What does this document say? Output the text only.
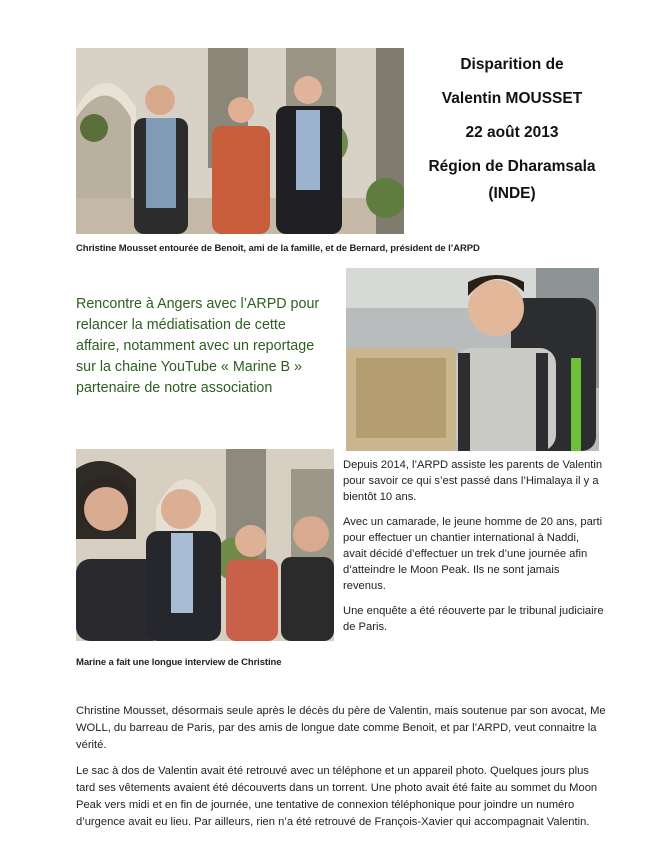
Disparition de
Valentin MOUSSET
22 août 2013
Région de Dharamsala
(INDE)
Christine Mousset entourée de Benoît, ami de la famille, et de Bernard, président de l’ARPD
Rencontre à Angers avec l’ARPD pour relancer la médiatisation de cette affaire, notamment avec un reportage sur la chaine YouTube « Marine B » partenaire de notre association
Marine a fait une longue interview de Christine

Depuis 2014, l’ARPD assiste les parents de Valentin pour savoir ce qui s’est passé dans l’Himalaya il y a bientôt 10 ans.

Avec un camarade, le jeune homme de 20 ans, parti pour effectuer un chantier international à Naddi, avait décidé d’effectuer un trek d’une journée afin d’atteindre le Moon Peak. Ils ne sont jamais revenus.

Une enquête a été réouverte par le tribunal judiciaire de Paris.

Christine Mousset, désormais seule après le décès du père de Valentin, mais soutenue par son avocat, Me WOLL, du barreau de Paris, par des amis de longue date comme Benoit, et par l’ARPD, veut connaitre la vérité.

Le sac à dos de Valentin avait été retrouvé avec un téléphone et un appareil photo. Quelques jours plus tard ses vêtements avaient été découverts dans un torrent. Une photo avait été faite au sommet du Moon Peak vers midi et en fin de journée, une tentative de connexion téléphonique pour joindre un numéro d’urgence avait eu lieu. Par ailleurs, rien n’a été retrouvé de François-Xavier qui accompagnait Valentin.
